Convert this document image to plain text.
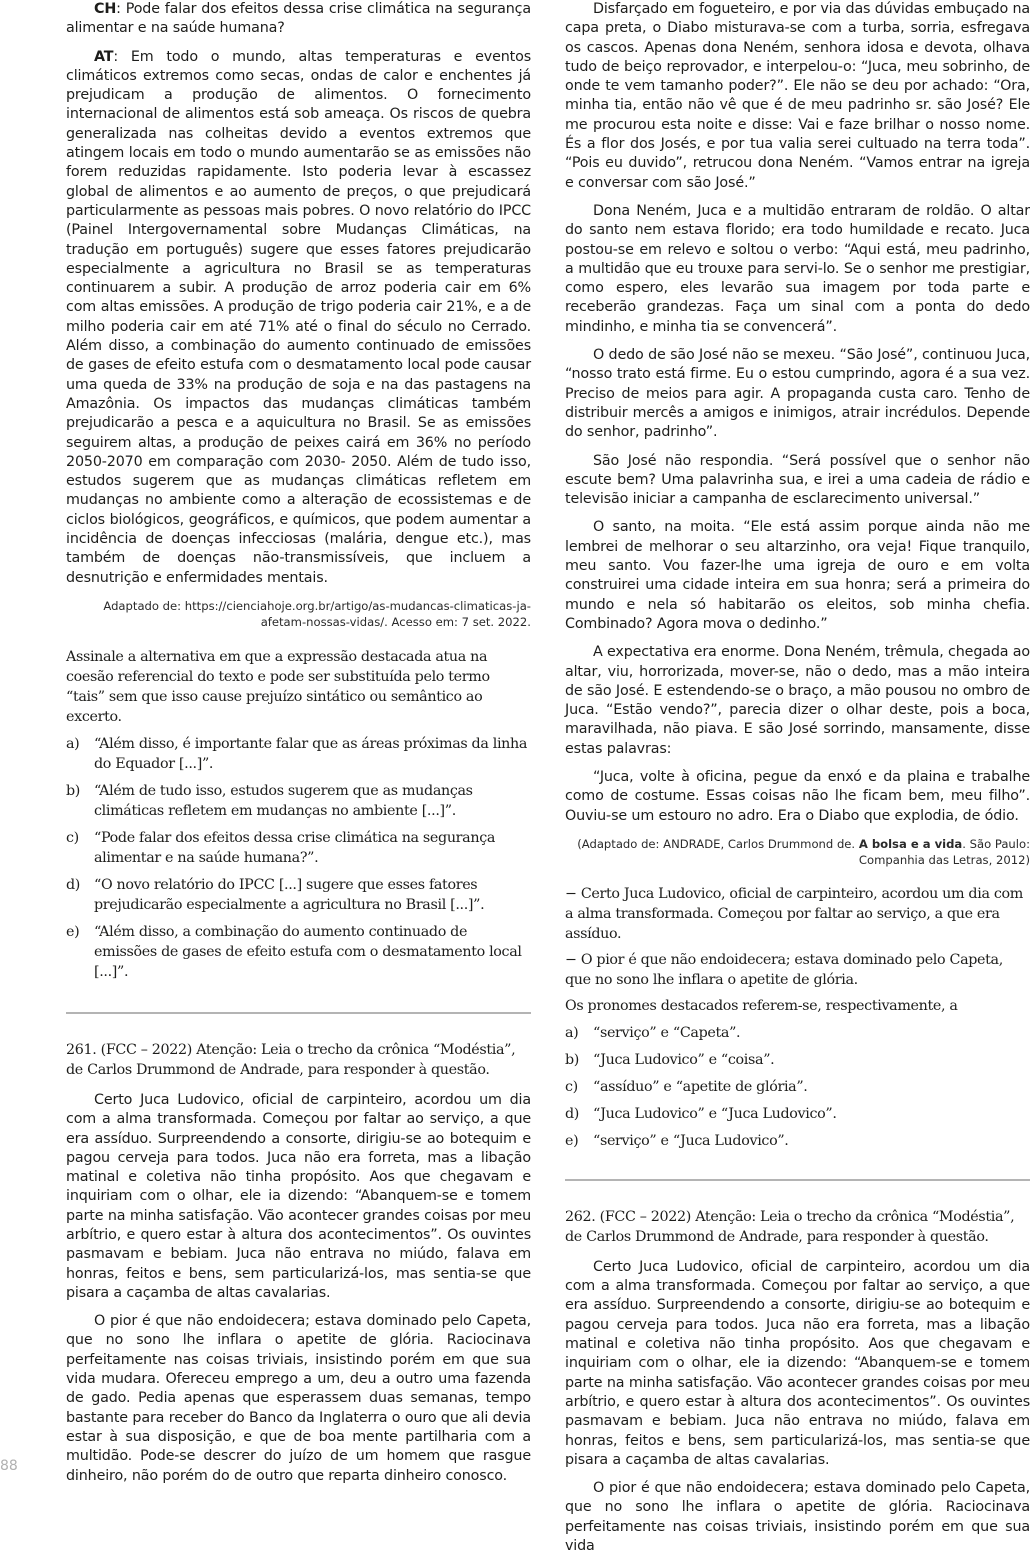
88

CH: Pode falar dos efeitos dessa crise climática na segurança alimentar e na saúde humana?

AT: Em todo o mundo, altas temperaturas e eventos climáticos extremos como secas, ondas de calor e enchentes já prejudicam a produção de alimentos. O fornecimento internacional de alimentos está sob ameaça. Os riscos de quebra generalizada nas colheitas devido a eventos extremos que atingem locais em todo o mundo aumentarão se as emissões não forem reduzidas rapidamente. Isto poderia levar à escassez global de alimentos e ao aumento de preços, o que prejudicará particularmente as pessoas mais pobres. O novo relatório do IPCC (Painel Intergovernamental sobre Mudanças Climáticas, na tradução em português) sugere que esses fatores prejudicarão especialmente a agricultura no Brasil se as temperaturas continuarem a subir. A produção de arroz poderia cair em 6% com altas emissões. A produção de trigo poderia cair 21%, e a de milho poderia cair em até 71% até o final do século no Cerrado. Além disso, a combinação do aumento continuado de emissões de gases de efeito estufa com o desmatamento local pode causar uma queda de 33% na produção de soja e na das pastagens na Amazônia. Os impactos das mudanças climáticas também prejudicarão a pesca e a aquicultura no Brasil. Se as emissões seguirem altas, a produção de peixes cairá em 36% no período 2050-2070 em comparação com 2030- 2050. Além de tudo isso, estudos sugerem que as mudanças climáticas refletem em mudanças no ambiente como a alteração de ecossistemas e de ciclos biológicos, geográficos, e químicos, que podem aumentar a incidência de doenças infecciosas (malária, dengue etc.), mas também de doenças não-transmissíveis, que incluem a desnutrição e enfermidades mentais.

Adaptado de: https://cienciahoje.org.br/artigo/as-mudancas-climaticas-ja-afetam-nossas-vidas/. Acesso em: 7 set. 2022.

Assinale a alternativa em que a expressão destacada atua na coesão referencial do texto e pode ser substituída pelo termo “tais” sem que isso cause prejuízo sintático ou semântico ao excerto.

a) “Além disso, é importante falar que as áreas próximas da linha do Equador [...]”.
b) “Além de tudo isso, estudos sugerem que as mudanças climáticas refletem em mudanças no ambiente [...]”.
c) “Pode falar dos efeitos dessa crise climática na segurança alimentar e na saúde humana?”.
d) “O novo relatório do IPCC [...] sugere que esses fatores prejudicarão especialmente a agricultura no Brasil [...]”.
e) “Além disso, a combinação do aumento continuado de emissões de gases de efeito estufa com o desmatamento local [...]”.

261. (FCC – 2022) Atenção: Leia o trecho da crônica “Modéstia”, de Carlos Drummond de Andrade, para responder à questão.

Certo Juca Ludovico, oficial de carpinteiro, acordou um dia com a alma transformada. Começou por faltar ao serviço, a que era assíduo. Surpreendendo a consorte, dirigiu-se ao botequim e pagou cerveja para todos. Juca não era forreta, mas a libação matinal e coletiva não tinha propósito. Aos que chegavam e inquiriam com o olhar, ele ia dizendo: “Abanquem-se e tomem parte na minha satisfação. Vão acontecer grandes coisas por meu arbítrio, e quero estar à altura dos acontecimentos”. Os ouvintes pasmavam e bebiam. Juca não entrava no miúdo, falava em honras, feitos e bens, sem particularizá-los, mas sentia-se que pisara a caçamba de altas cavalarias.

O pior é que não endoidecera; estava dominado pelo Capeta, que no sono lhe inflara o apetite de glória. Raciocinava perfeitamente nas coisas triviais, insistindo porém em que sua vida mudara. Ofereceu emprego a um, deu a outro uma fazenda de gado. Pedia apenas que esperassem duas semanas, tempo bastante para receber do Banco da Inglaterra o ouro que ali devia estar à sua disposição, e que de boa mente partilharia com a multidão. Pode-se descrer do juízo de um homem que rasgue dinheiro, não porém do de outro que reparta dinheiro conosco.

Disfarçado em fogueteiro, e por via das dúvidas embuçado na capa preta, o Diabo misturava-se com a turba, sorria, esfregava os cascos. Apenas dona Neném, senhora idosa e devota, olhava tudo de beiço reprovador, e interpelou-o: “Juca, meu sobrinho, de onde te vem tamanho poder?”. Ele não se deu por achado: “Ora, minha tia, então não vê que é de meu padrinho sr. são José? Ele me procurou esta noite e disse: Vai e faze brilhar o nosso nome. És a flor dos Josés, e por tua valia serei cultuado na terra toda”. “Pois eu duvido”, retrucou dona Neném. “Vamos entrar na igreja e conversar com são José.”

Dona Neném, Juca e a multidão entraram de roldão. O altar do santo nem estava florido; era todo humildade e recato. Juca postou-se em relevo e soltou o verbo: “Aqui está, meu padrinho, a multidão que eu trouxe para servi-lo. Se o senhor me prestigiar, como espero, eles levarão sua imagem por toda parte e receberão grandezas. Faça um sinal com a ponta do dedo mindinho, e minha tia se convencerá”.

O dedo de são José não se mexeu. “São José”, continuou Juca, “nosso trato está firme. Eu o estou cumprindo, agora é a sua vez. Preciso de meios para agir. A propaganda custa caro. Tenho de distribuir mercês a amigos e inimigos, atrair incrédulos. Depende do senhor, padrinho”.

São José não respondia. “Será possível que o senhor não escute bem? Uma palavrinha sua, e irei a uma cadeia de rádio e televisão iniciar a campanha de esclarecimento universal.”

O santo, na moita. “Ele está assim porque ainda não me lembrei de melhorar o seu altarzinho, ora veja! Fique tranquilo, meu santo. Vou fazer-lhe uma igreja de ouro e em volta construirei uma cidade inteira em sua honra; será a primeira do mundo e nela só habitarão os eleitos, sob minha chefia. Combinado? Agora mova o dedinho.”

A expectativa era enorme. Dona Neném, trêmula, chegada ao altar, viu, horrorizada, mover-se, não o dedo, mas a mão inteira de são José. E estendendo-se o braço, a mão pousou no ombro de Juca. “Estão vendo?”, parecia dizer o olhar deste, pois a boca, maravilhada, não piava. E são José sorrindo, mansamente, disse estas palavras:

“Juca, volte à oficina, pegue da enxó e da plaina e trabalhe como de costume. Essas coisas não lhe ficam bem, meu filho”. Ouviu-se um estouro no adro. Era o Diabo que explodia, de ódio.

(Adaptado de: ANDRADE, Carlos Drummond de. A bolsa e a vida. São Paulo: Companhia das Letras, 2012)

− Certo Juca Ludovico, oficial de carpinteiro, acordou um dia com a alma transformada. Começou por faltar ao serviço, a que era assíduo.

− O pior é que não endoidecera; estava dominado pelo Capeta, que no sono lhe inflara o apetite de glória.

Os pronomes destacados referem-se, respectivamente, a

a) “serviço” e “Capeta”.
b) “Juca Ludovico” e “coisa”.
c) “assíduo” e “apetite de glória”.
d) “Juca Ludovico” e “Juca Ludovico”.
e) “serviço” e “Juca Ludovico”.

262. (FCC – 2022) Atenção: Leia o trecho da crônica “Modéstia”, de Carlos Drummond de Andrade, para responder à questão.

Certo Juca Ludovico, oficial de carpinteiro, acordou um dia com a alma transformada. Começou por faltar ao serviço, a que era assíduo. Surpreendendo a consorte, dirigiu-se ao botequim e pagou cerveja para todos. Juca não era forreta, mas a libação matinal e coletiva não tinha propósito. Aos que chegavam e inquiriam com o olhar, ele ia dizendo: “Abanquem-se e tomem parte na minha satisfação. Vão acontecer grandes coisas por meu arbítrio, e quero estar à altura dos acontecimentos”. Os ouvintes pasmavam e bebiam. Juca não entrava no miúdo, falava em honras, feitos e bens, sem particularizá-los, mas sentia-se que pisara a caçamba de altas cavalarias.

O pior é que não endoidecera; estava dominado pelo Capeta, que no sono lhe inflara o apetite de glória. Raciocinava perfeitamente nas coisas triviais, insistindo porém em que sua vida
